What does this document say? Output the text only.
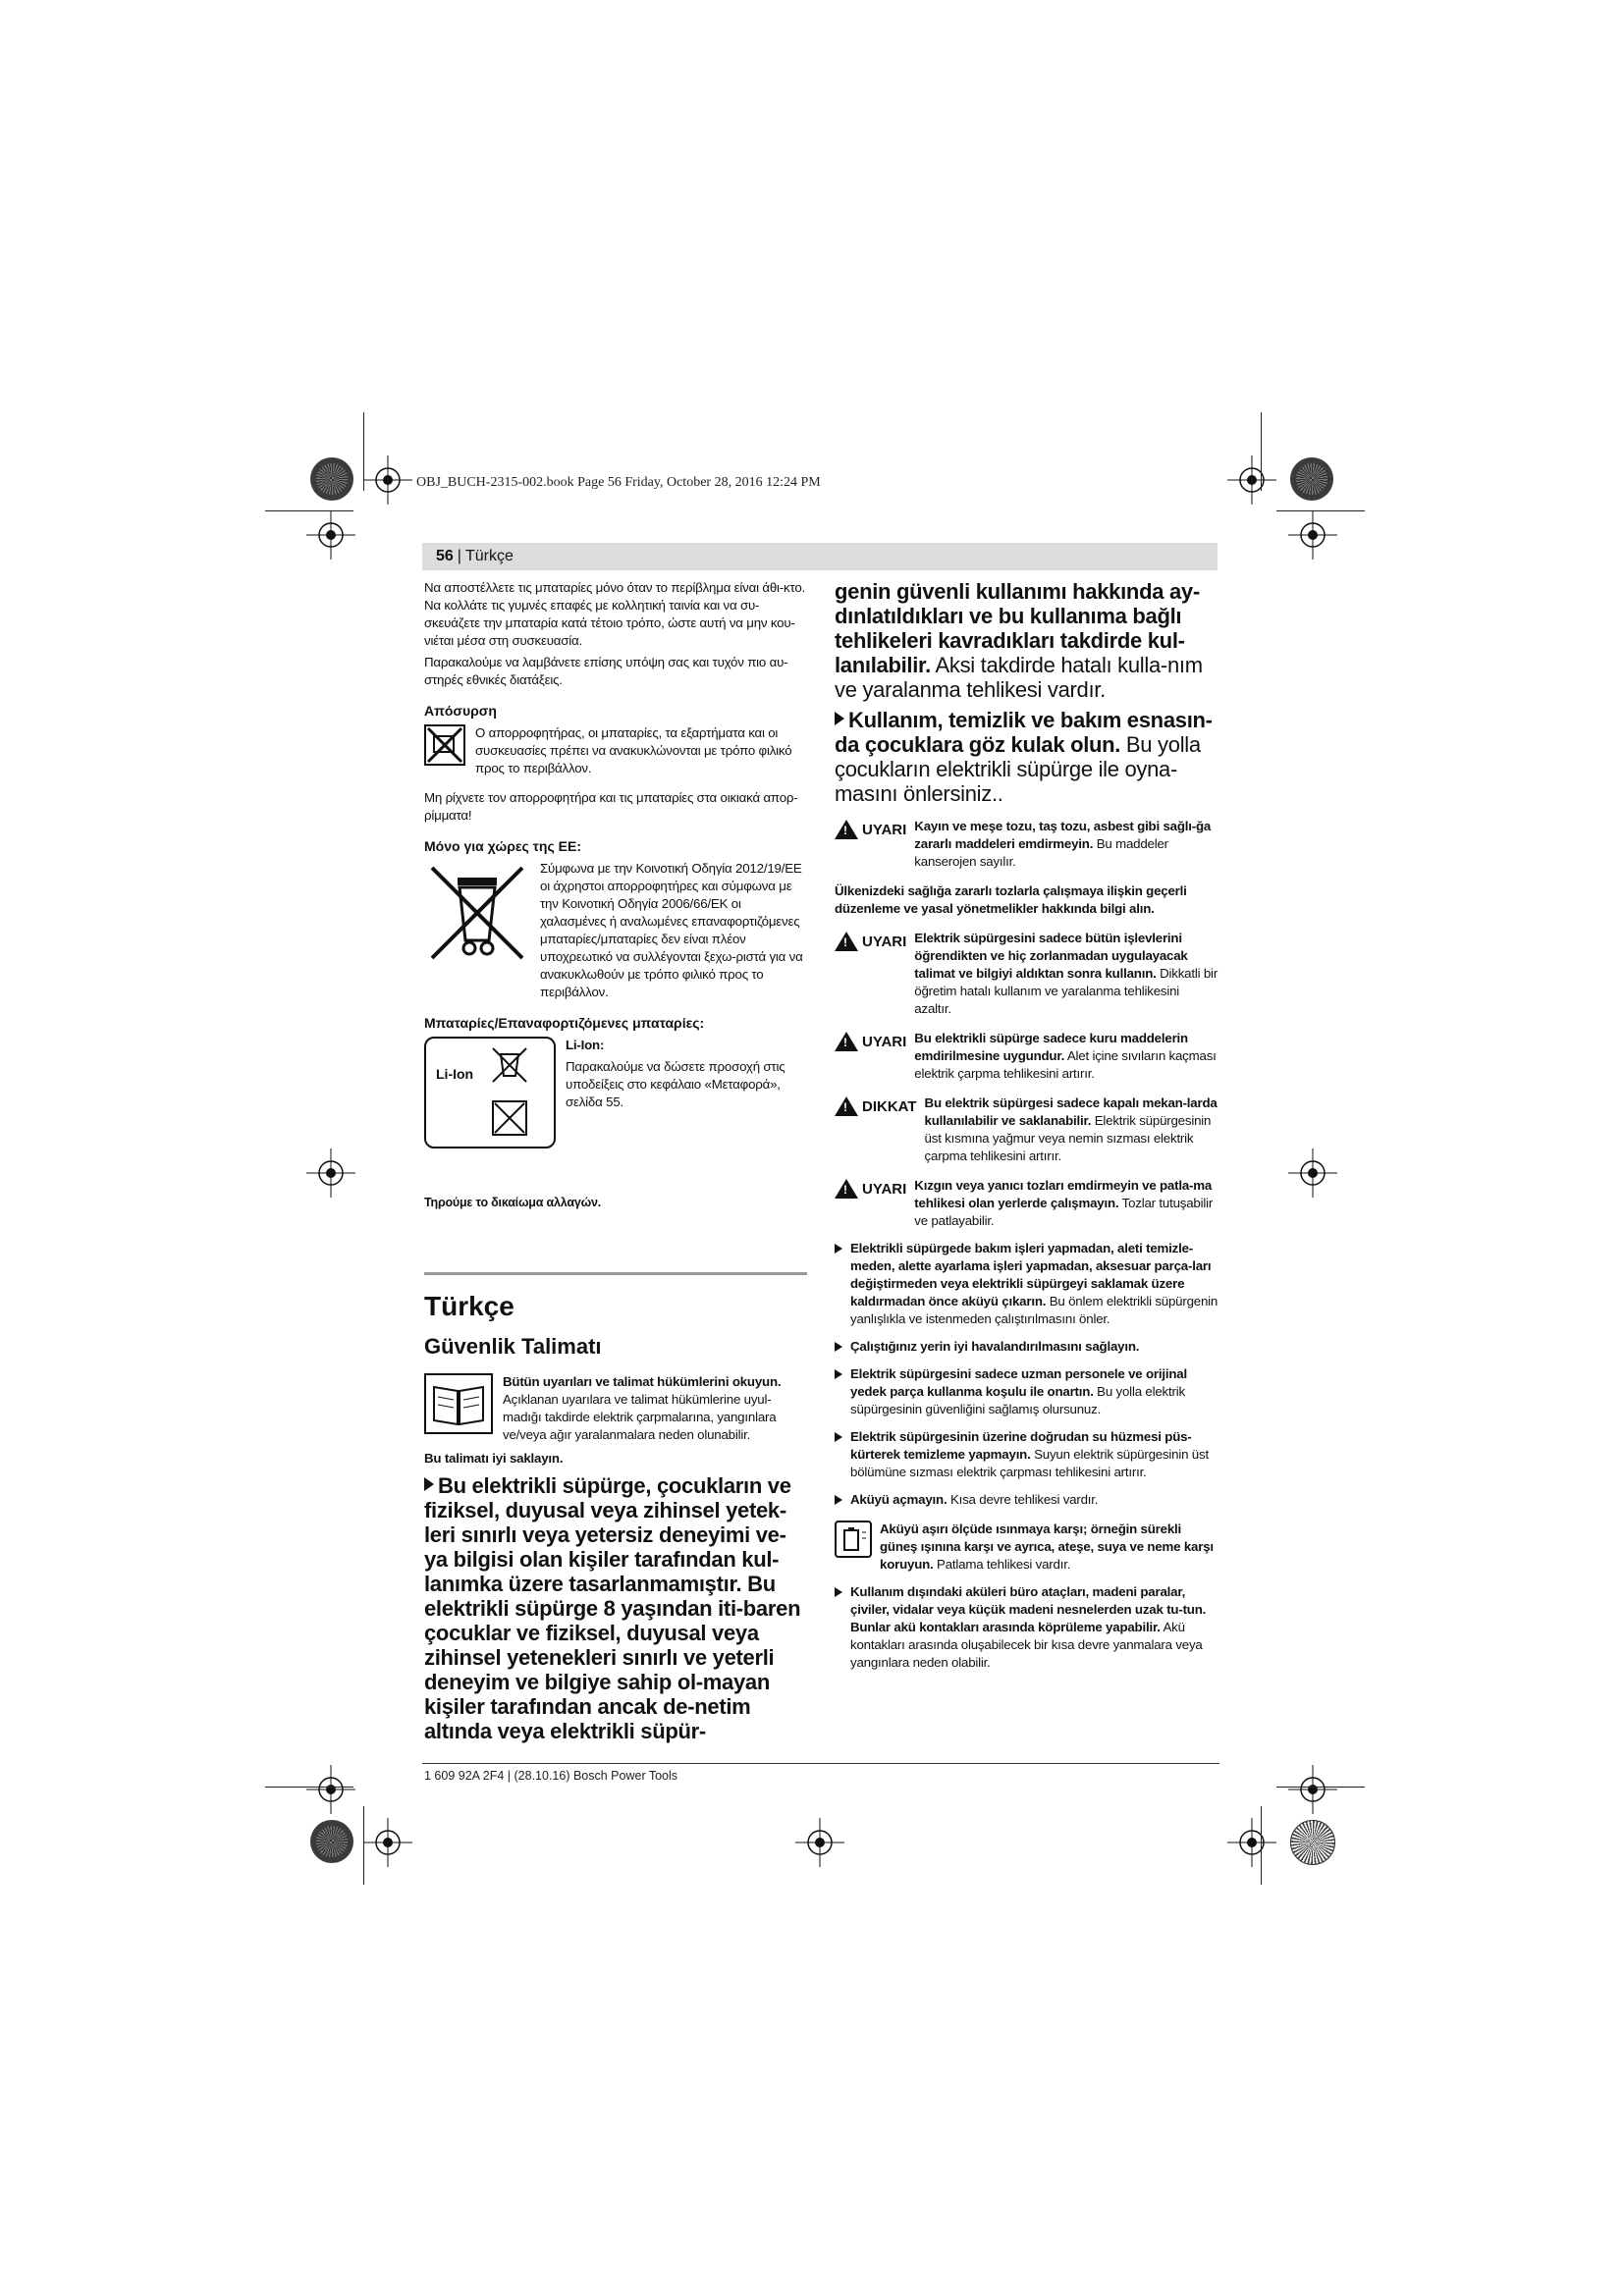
OBJ_BUCH-2315-002.book Page 56 Friday, October 28, 2016 12:24 PM
56 | Türkçe

Να αποστέλλετε τις μπαταρίες μόνο όταν το περίβλημα είναι άθι-κτο. Να κολλάτε τις γυμνές επαφές με κολλητική ταινία και να συ-σκευάζετε την μπαταρία κατά τέτοιο τρόπο, ώστε αυτή να μην κου-νιέται μέσα στη συσκευασία.

Παρακαλούμε να λαμβάνετε επίσης υπόψη σας και τυχόν πιο αυ-στηρές εθνικές διατάξεις.

Απόσυρση

Ο απορροφητήρας, οι μπαταρίες, τα εξαρτήματα και οι συσκευασίες πρέπει να ανακυκλώνονται με τρόπο φιλικό προς το περιβάλλον.

Μη ρίχνετε τον απορροφητήρα και τις μπαταρίες στα οικιακά απορ-ρίμματα!

Μόνο για χώρες της ΕΕ:

Σύμφωνα με την Κοινοτική Οδηγία 2012/19/ΕΕ οι άχρηστοι απορροφητήρες και σύμφωνα με την Κοινοτική Οδηγία 2006/66/ΕΚ οι χαλασμένες ή αναλωμένες επαναφορτιζόμενες μπαταρίες/μπαταρίες δεν είναι πλέον υποχρεωτικό να συλλέγονται ξεχω-ριστά για να ανακυκλωθούν με τρόπο φιλικό προς το περιβάλλον.

Μπαταρίες/Επαναφορτιζόμενες μπαταρίες:
Li-Ion
Li-Ion:

Παρακαλούμε να δώσετε προσοχή στις υποδείξεις στο κεφάλαιο «Μεταφορά», σελίδα 55.

Τηρούμε το δικαίωμα αλλαγών.

Türkçe
Güvenlik Talimatı

Bütün uyarıları ve talimat hükümlerini okuyun. Açıklanan uyarılara ve talimat hükümlerine uyul-madığı takdirde elektrik çarpmalarına, yangınlara ve/veya ağır yaralanmalara neden olunabilir.

Bu talimatı iyi saklayın.

Bu elektrikli süpürge, çocukların ve fiziksel, duyusal veya zihinsel yetek-leri sınırlı veya yetersiz deneyimi ve-ya bilgisi olan kişiler tarafından kul-lanımka üzere tasarlanmamıştır. Bu elektrikli süpürge 8 yaşından iti-baren çocuklar ve fiziksel, duyusal veya zihinsel yetenekleri sınırlı ve yeterli deneyim ve bilgiye sahip ol-mayan kişiler tarafından ancak de-netim altında veya elektrikli süpür-

genin güvenli kullanımı hakkında ay-dınlatıldıkları ve bu kullanıma bağlı tehlikeleri kavradıkları takdirde kul-lanılabilir. Aksi takdirde hatalı kulla-nım ve yaralanma tehlikesi vardır.

Kullanım, temizlik ve bakım esnasın-da çocuklara göz kulak olun. Bu yolla çocukların elektrikli süpürge ile oyna-masını önlersiniz..

!
UYARI Kayın ve meşe tozu, taş tozu, asbest gibi sağlı-ğa zararlı maddeleri emdirmeyin. Bu maddeler kanserojen sayılır.

Ülkenizdeki sağlığa zararlı tozlarla çalışmaya ilişkin geçerli düzenleme ve yasal yönetmelikler hakkında bilgi alın.

!
UYARI Elektrik süpürgesini sadece bütün işlevlerini öğrendikten ve hiç zorlanmadan uygulayacak talimat ve bilgiyi aldıktan sonra kullanın. Dikkatli bir öğretim hatalı kullanım ve yaralanma tehlikesini azaltır.

!
UYARI Bu elektrikli süpürge sadece kuru maddelerin emdirilmesine uygundur. Alet içine sıvıların kaçması elektrik çarpma tehlikesini artırır.

!
DIKKAT Bu elektrik süpürgesi sadece kapalı mekan-larda kullanılabilir ve saklanabilir. Elektrik süpürgesinin üst kısmına yağmur veya nemin sızması elektrik çarpma tehlikesini artırır.

!
UYARI Kızgın veya yanıcı tozları emdirmeyin ve patla-ma tehlikesi olan yerlerde çalışmayın. Tozlar tutuşabilir ve patlayabilir.

Elektrikli süpürgede bakım işleri yapmadan, aleti temizle-meden, alette ayarlama işleri yapmadan, aksesuar parça-ları değiştirmeden veya elektrikli süpürgeyi saklamak üzere kaldırmadan önce aküyü çıkarın. Bu önlem elektrikli süpürgenin yanlışlıkla ve istenmeden çalıştırılmasını önler.

Çalıştığınız yerin iyi havalandırılmasını sağlayın.

Elektrik süpürgesini sadece uzman personele ve orijinal yedek parça kullanma koşulu ile onartın. Bu yolla elektrik süpürgesinin güvenliğini sağlamış olursunuz.

Elektrik süpürgesinin üzerine doğrudan su hüzmesi püs-kürterek temizleme yapmayın. Suyun elektrik süpürgesinin üst bölümüne sızması elektrik çarpması tehlikesini artırır.

Aküyü açmayın. Kısa devre tehlikesi vardır.

Aküyü aşırı ölçüde ısınmaya karşı; örneğin sürekli güneş ışınına karşı ve ayrıca, ateşe, suya ve neme karşı koruyun. Patlama tehlikesi vardır.

Kullanım dışındaki aküleri büro ataçları, madeni paralar, çiviler, vidalar veya küçük madeni nesnelerden uzak tu-tun. Bunlar akü kontakları arasında köprüleme yapabilir. Akü kontakları arasında oluşabilecek bir kısa devre yanmalara veya yangınlara neden olabilir.

1 609 92A 2F4 | (28.10.16) Bosch Power Tools
